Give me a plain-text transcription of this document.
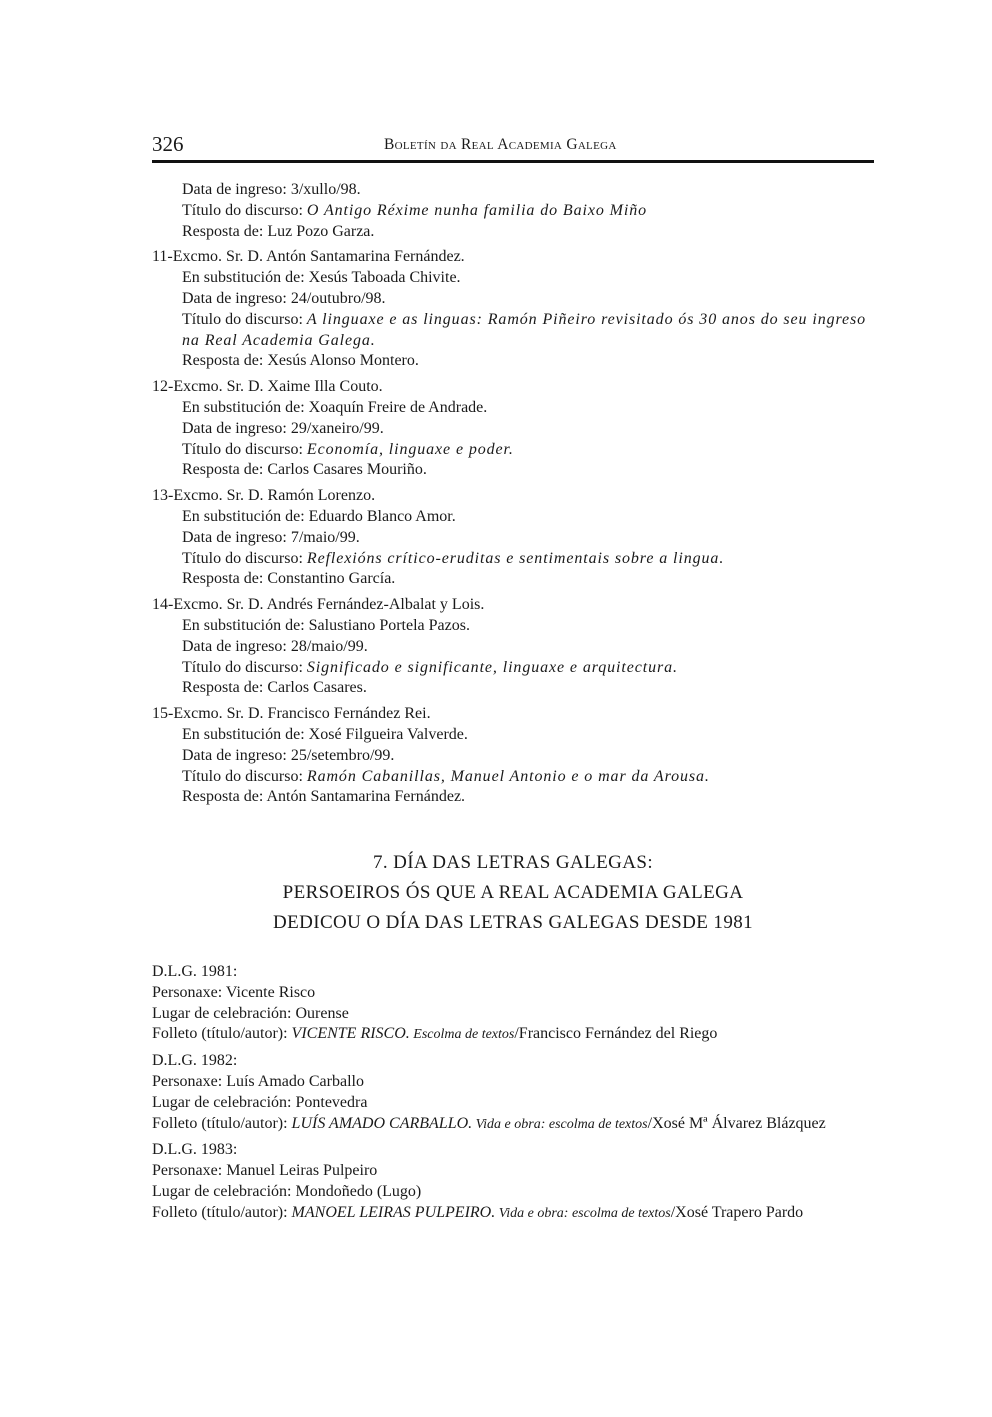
326	Boletín da Real Academia Galega
Data de ingreso: 3/xullo/98.
Título do discurso: O Antigo Réxime nunha familia do Baixo Miño
Resposta de: Luz Pozo Garza.
11-Excmo. Sr. D. Antón Santamarina Fernández.
En substitución de: Xesús Taboada Chivite.
Data de ingreso: 24/outubro/98.
Título do discurso: A linguaxe e as linguas: Ramón Piñeiro revisitado ós 30 anos do seu ingreso na Real Academia Galega.
Resposta de: Xesús Alonso Montero.
12-Excmo. Sr. D. Xaime Illa Couto.
En substitución de: Xoaquín Freire de Andrade.
Data de ingreso: 29/xaneiro/99.
Título do discurso: Economía, linguaxe e poder.
Resposta de: Carlos Casares Mouriño.
13-Excmo. Sr. D. Ramón Lorenzo.
En substitución de: Eduardo Blanco Amor.
Data de ingreso: 7/maio/99.
Título do discurso: Reflexións crítico-eruditas e sentimentais sobre a lingua.
Resposta de: Constantino García.
14-Excmo. Sr. D. Andrés Fernández-Albalat y Lois.
En substitución de: Salustiano Portela Pazos.
Data de ingreso: 28/maio/99.
Título do discurso: Significado e significante, linguaxe e arquitectura.
Resposta de: Carlos Casares.
15-Excmo. Sr. D. Francisco Fernández Rei.
En substitución de: Xosé Filgueira Valverde.
Data de ingreso: 25/setembro/99.
Título do discurso: Ramón Cabanillas, Manuel Antonio e o mar da Arousa.
Resposta de: Antón Santamarina Fernández.
7. DÍA DAS LETRAS GALEGAS:
PERSOEIROS ÓS QUE A REAL ACADEMIA GALEGA
DEDICOU O DÍA DAS LETRAS GALEGAS DESDE 1981
D.L.G. 1981:
Personaxe: Vicente Risco
Lugar de celebración: Ourense
Folleto (título/autor): VICENTE RISCO. Escolma de textos/Francisco Fernández del Riego
D.L.G. 1982:
Personaxe: Luís Amado Carballo
Lugar de celebración: Pontevedra
Folleto (título/autor): LUÍS AMADO CARBALLO. Vida e obra: escolma de textos/Xosé Mª Álvarez Blázquez
D.L.G. 1983:
Personaxe: Manuel Leiras Pulpeiro
Lugar de celebración: Mondoñedo (Lugo)
Folleto (título/autor): MANOEL LEIRAS PULPEIRO. Vida e obra: escolma de textos/Xosé Trapero Pardo
